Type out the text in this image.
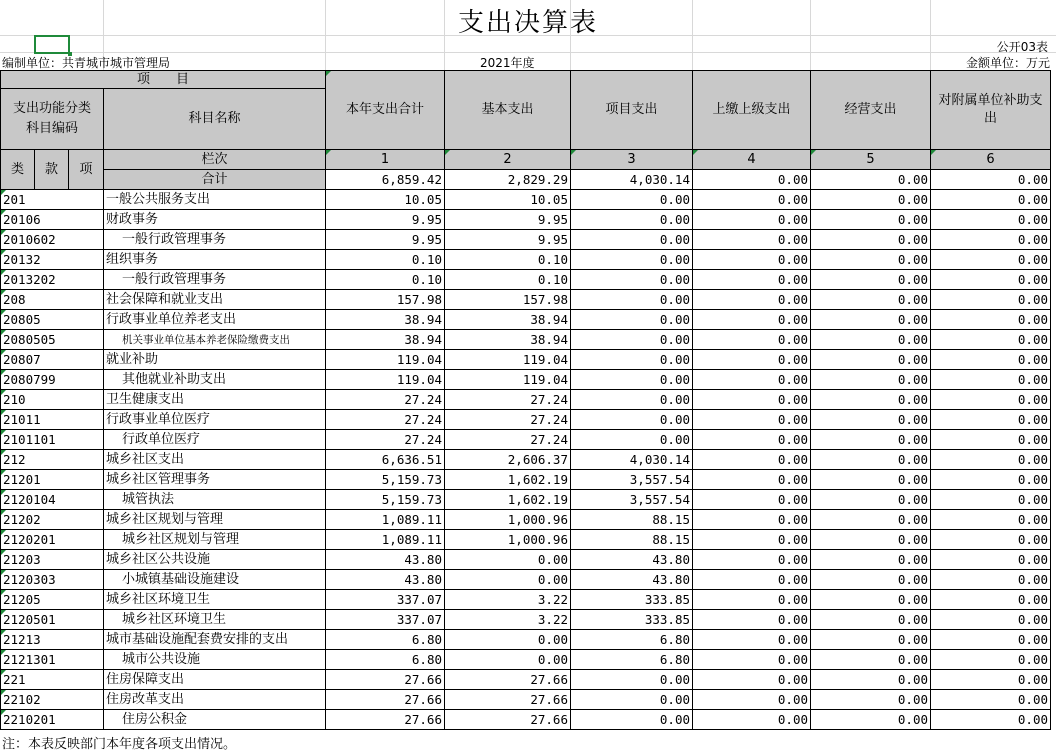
支出决算表
公开03表
编制单位：共青城市城市管理局	2021年度	金额单位：万元
项　　目				本年支出合计	基本支出	项目支出	上缴上级支出	经营支出	对附属单位补助支出
支出功能分类
科目编码			科目名称						
类	款	项							
			栏次	1	2	3	4	5	6
			合计	6,859.42	2,829.29	4,030.14	0.00	0.00	0.00
201			一般公共服务支出	10.05	10.05	0.00	0.00	0.00	0.00
20106			财政事务	9.95	9.95	0.00	0.00	0.00	0.00
2010602			一般行政管理事务	9.95	9.95	0.00	0.00	0.00	0.00
20132			组织事务	0.10	0.10	0.00	0.00	0.00	0.00
2013202			一般行政管理事务	0.10	0.10	0.00	0.00	0.00	0.00
208			社会保障和就业支出	157.98	157.98	0.00	0.00	0.00	0.00
20805			行政事业单位养老支出	38.94	38.94	0.00	0.00	0.00	0.00
2080505			机关事业单位基本养老保险缴费支出	38.94	38.94	0.00	0.00	0.00	0.00
20807			就业补助	119.04	119.04	0.00	0.00	0.00	0.00
2080799			其他就业补助支出	119.04	119.04	0.00	0.00	0.00	0.00
210			卫生健康支出	27.24	27.24	0.00	0.00	0.00	0.00
21011			行政事业单位医疗	27.24	27.24	0.00	0.00	0.00	0.00
2101101			行政单位医疗	27.24	27.24	0.00	0.00	0.00	0.00
212			城乡社区支出	6,636.51	2,606.37	4,030.14	0.00	0.00	0.00
21201			城乡社区管理事务	5,159.73	1,602.19	3,557.54	0.00	0.00	0.00
2120104			城管执法	5,159.73	1,602.19	3,557.54	0.00	0.00	0.00
21202			城乡社区规划与管理	1,089.11	1,000.96	88.15	0.00	0.00	0.00
2120201			城乡社区规划与管理	1,089.11	1,000.96	88.15	0.00	0.00	0.00
21203			城乡社区公共设施	43.80	0.00	43.80	0.00	0.00	0.00
2120303			小城镇基础设施建设	43.80	0.00	43.80	0.00	0.00	0.00
21205			城乡社区环境卫生	337.07	3.22	333.85	0.00	0.00	0.00
2120501			城乡社区环境卫生	337.07	3.22	333.85	0.00	0.00	0.00
21213			城市基础设施配套费安排的支出	6.80	0.00	6.80	0.00	0.00	0.00
2121301			城市公共设施	6.80	0.00	6.80	0.00	0.00	0.00
221			住房保障支出	27.66	27.66	0.00	0.00	0.00	0.00
22102			住房改革支出	27.66	27.66	0.00	0.00	0.00	0.00
2210201			住房公积金	27.66	27.66	0.00	0.00	0.00	0.00
注：本表反映部门本年度各项支出情况。
